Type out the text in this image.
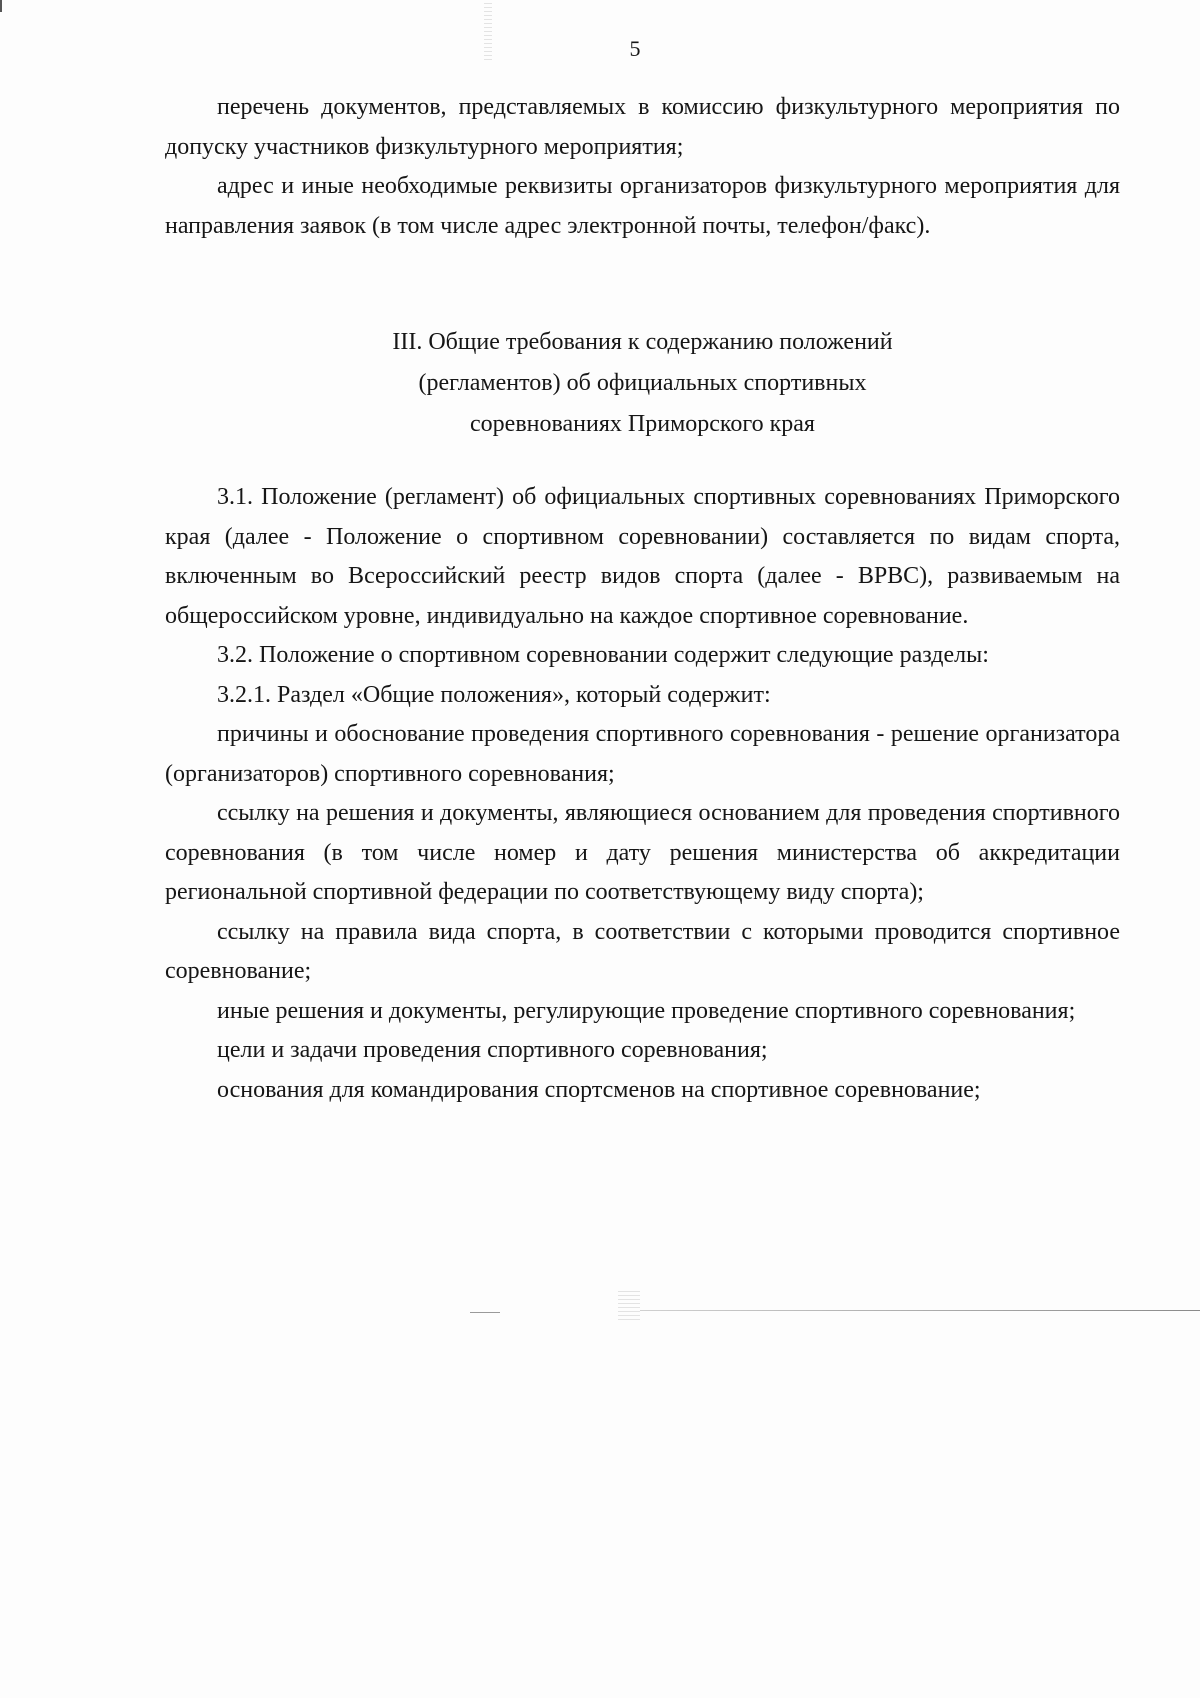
5

перечень документов, представляемых в комиссию физкультурного мероприятия по допуску участников физкультурного мероприятия;

адрес и иные необходимые реквизиты организаторов физкультурного мероприятия для направления заявок (в том числе адрес электронной почты, телефон/факс).

III. Общие требования к содержанию положений
(регламентов) об официальных спортивных
соревнованиях Приморского края

3.1. Положение (регламент) об официальных спортивных соревнованиях Приморского края (далее - Положение о спортивном соревновании) составляется по видам спорта, включенным во Всероссийский реестр видов спорта (далее - ВРВС), развиваемым на общероссийском уровне, индивидуально на каждое спортивное соревнование.

3.2. Положение о спортивном соревновании содержит следующие разделы:

3.2.1. Раздел «Общие положения», который содержит:

причины и обоснование проведения спортивного соревнования - решение организатора (организаторов) спортивного соревнования;

ссылку на решения и документы, являющиеся основанием для проведения спортивного соревнования (в том числе номер и дату решения министерства об аккредитации региональной спортивной федерации по соответствующему виду спорта);

ссылку на правила вида спорта, в соответствии с которыми проводится спортивное соревнование;

иные решения и документы, регулирующие проведение спортивного соревнования;

цели и задачи проведения спортивного соревнования;

основания для командирования спортсменов на спортивное соревнование;
